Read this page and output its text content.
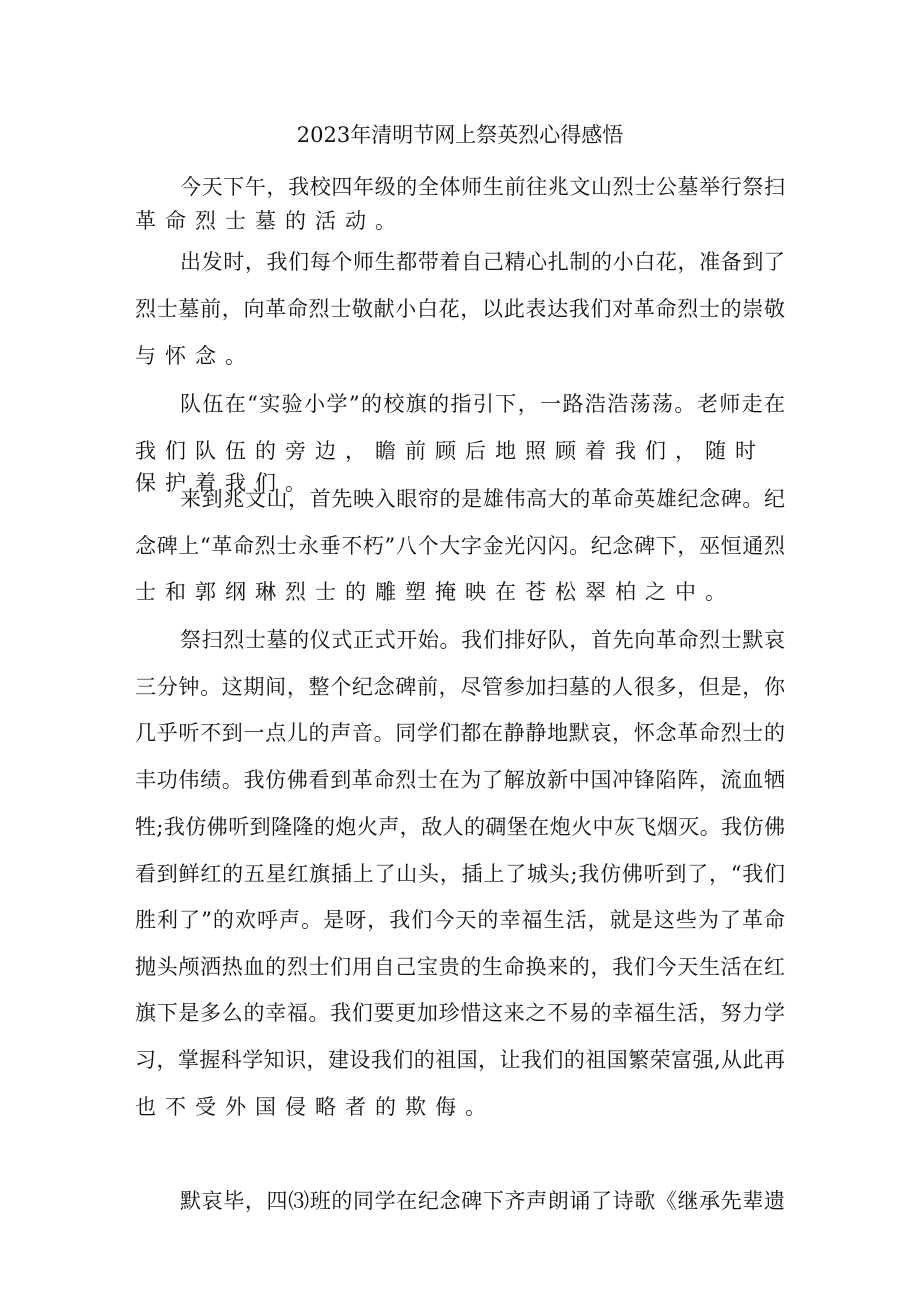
2023年清明节网上祭英烈心得感悟
今天下午，我校四年级的全体师生前往兆文山烈士公墓举行祭扫
革命烈士墓的活动。
出发时，我们每个师生都带着自己精心扎制的小白花，准备到了
烈士墓前，向革命烈士敬献小白花，以此表达我们对革命烈士的崇敬
与怀念。
队伍在“实验小学”的校旗的指引下，一路浩浩荡荡。老师走在
我们队伍的旁边，瞻前顾后地照顾着我们，随时保护着我们。
来到兆文山，首先映入眼帘的是雄伟高大的革命英雄纪念碑。纪
念碑上“革命烈士永垂不朽”八个大字金光闪闪。纪念碑下，巫恒通烈
士和郭纲琳烈士的雕塑掩映在苍松翠柏之中。
祭扫烈士墓的仪式正式开始。我们排好队，首先向革命烈士默哀
三分钟。这期间，整个纪念碑前，尽管参加扫墓的人很多，但是，你
几乎听不到一点儿的声音。同学们都在静静地默哀，怀念革命烈士的
丰功伟绩。我仿佛看到革命烈士在为了解放新中国冲锋陷阵，流血牺
牲;我仿佛听到隆隆的炮火声，敌人的碉堡在炮火中灰飞烟灭。我仿佛
看到鲜红的五星红旗插上了山头，插上了城头;我仿佛听到了，“我们
胜利了”的欢呼声。是呀，我们今天的幸福生活，就是这些为了革命
抛头颅洒热血的烈士们用自己宝贵的生命换来的，我们今天生活在红
旗下是多么的幸福。我们要更加珍惜这来之不易的幸福生活，努力学
习，掌握科学知识，建设我们的祖国，让我们的祖国繁荣富强,从此再
也不受外国侵略者的欺侮。
默哀毕，四⑶班的同学在纪念碑下齐声朗诵了诗歌《继承先辈遗
